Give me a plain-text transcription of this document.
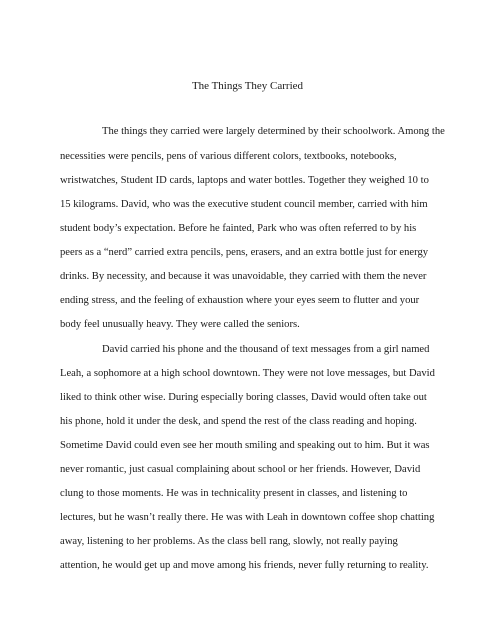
The Things They Carried
The things they carried were largely determined by their schoolwork. Among the
necessities were pencils, pens of various different colors, textbooks, notebooks,
wristwatches, Student ID cards, laptops and water bottles. Together they weighed 10 to
15 kilograms. David, who was the executive student council member, carried with him
student body’s expectation. Before he fainted, Park who was often referred to by his
peers as a “nerd” carried extra pencils, pens, erasers, and an extra bottle just for energy
drinks. By necessity, and because it was unavoidable, they carried with them the never
ending stress, and the feeling of exhaustion where your eyes seem to flutter and your
body feel unusually heavy. They were called the seniors.
David carried his phone and the thousand of text messages from a girl named
Leah, a sophomore at a high school downtown. They were not love messages, but David
liked to think other wise. During especially boring classes, David would often take out
his phone, hold it under the desk, and spend the rest of the class reading and hoping.
Sometime David could even see her mouth smiling and speaking out to him. But it was
never romantic, just casual complaining about school or her friends. However, David
clung to those moments. He was in technicality present in classes, and listening to
lectures, but he wasn’t really there. He was with Leah in downtown coffee shop chatting
away, listening to her problems. As the class bell rang, slowly, not really paying
attention, he would get up and move among his friends, never fully returning to reality.
